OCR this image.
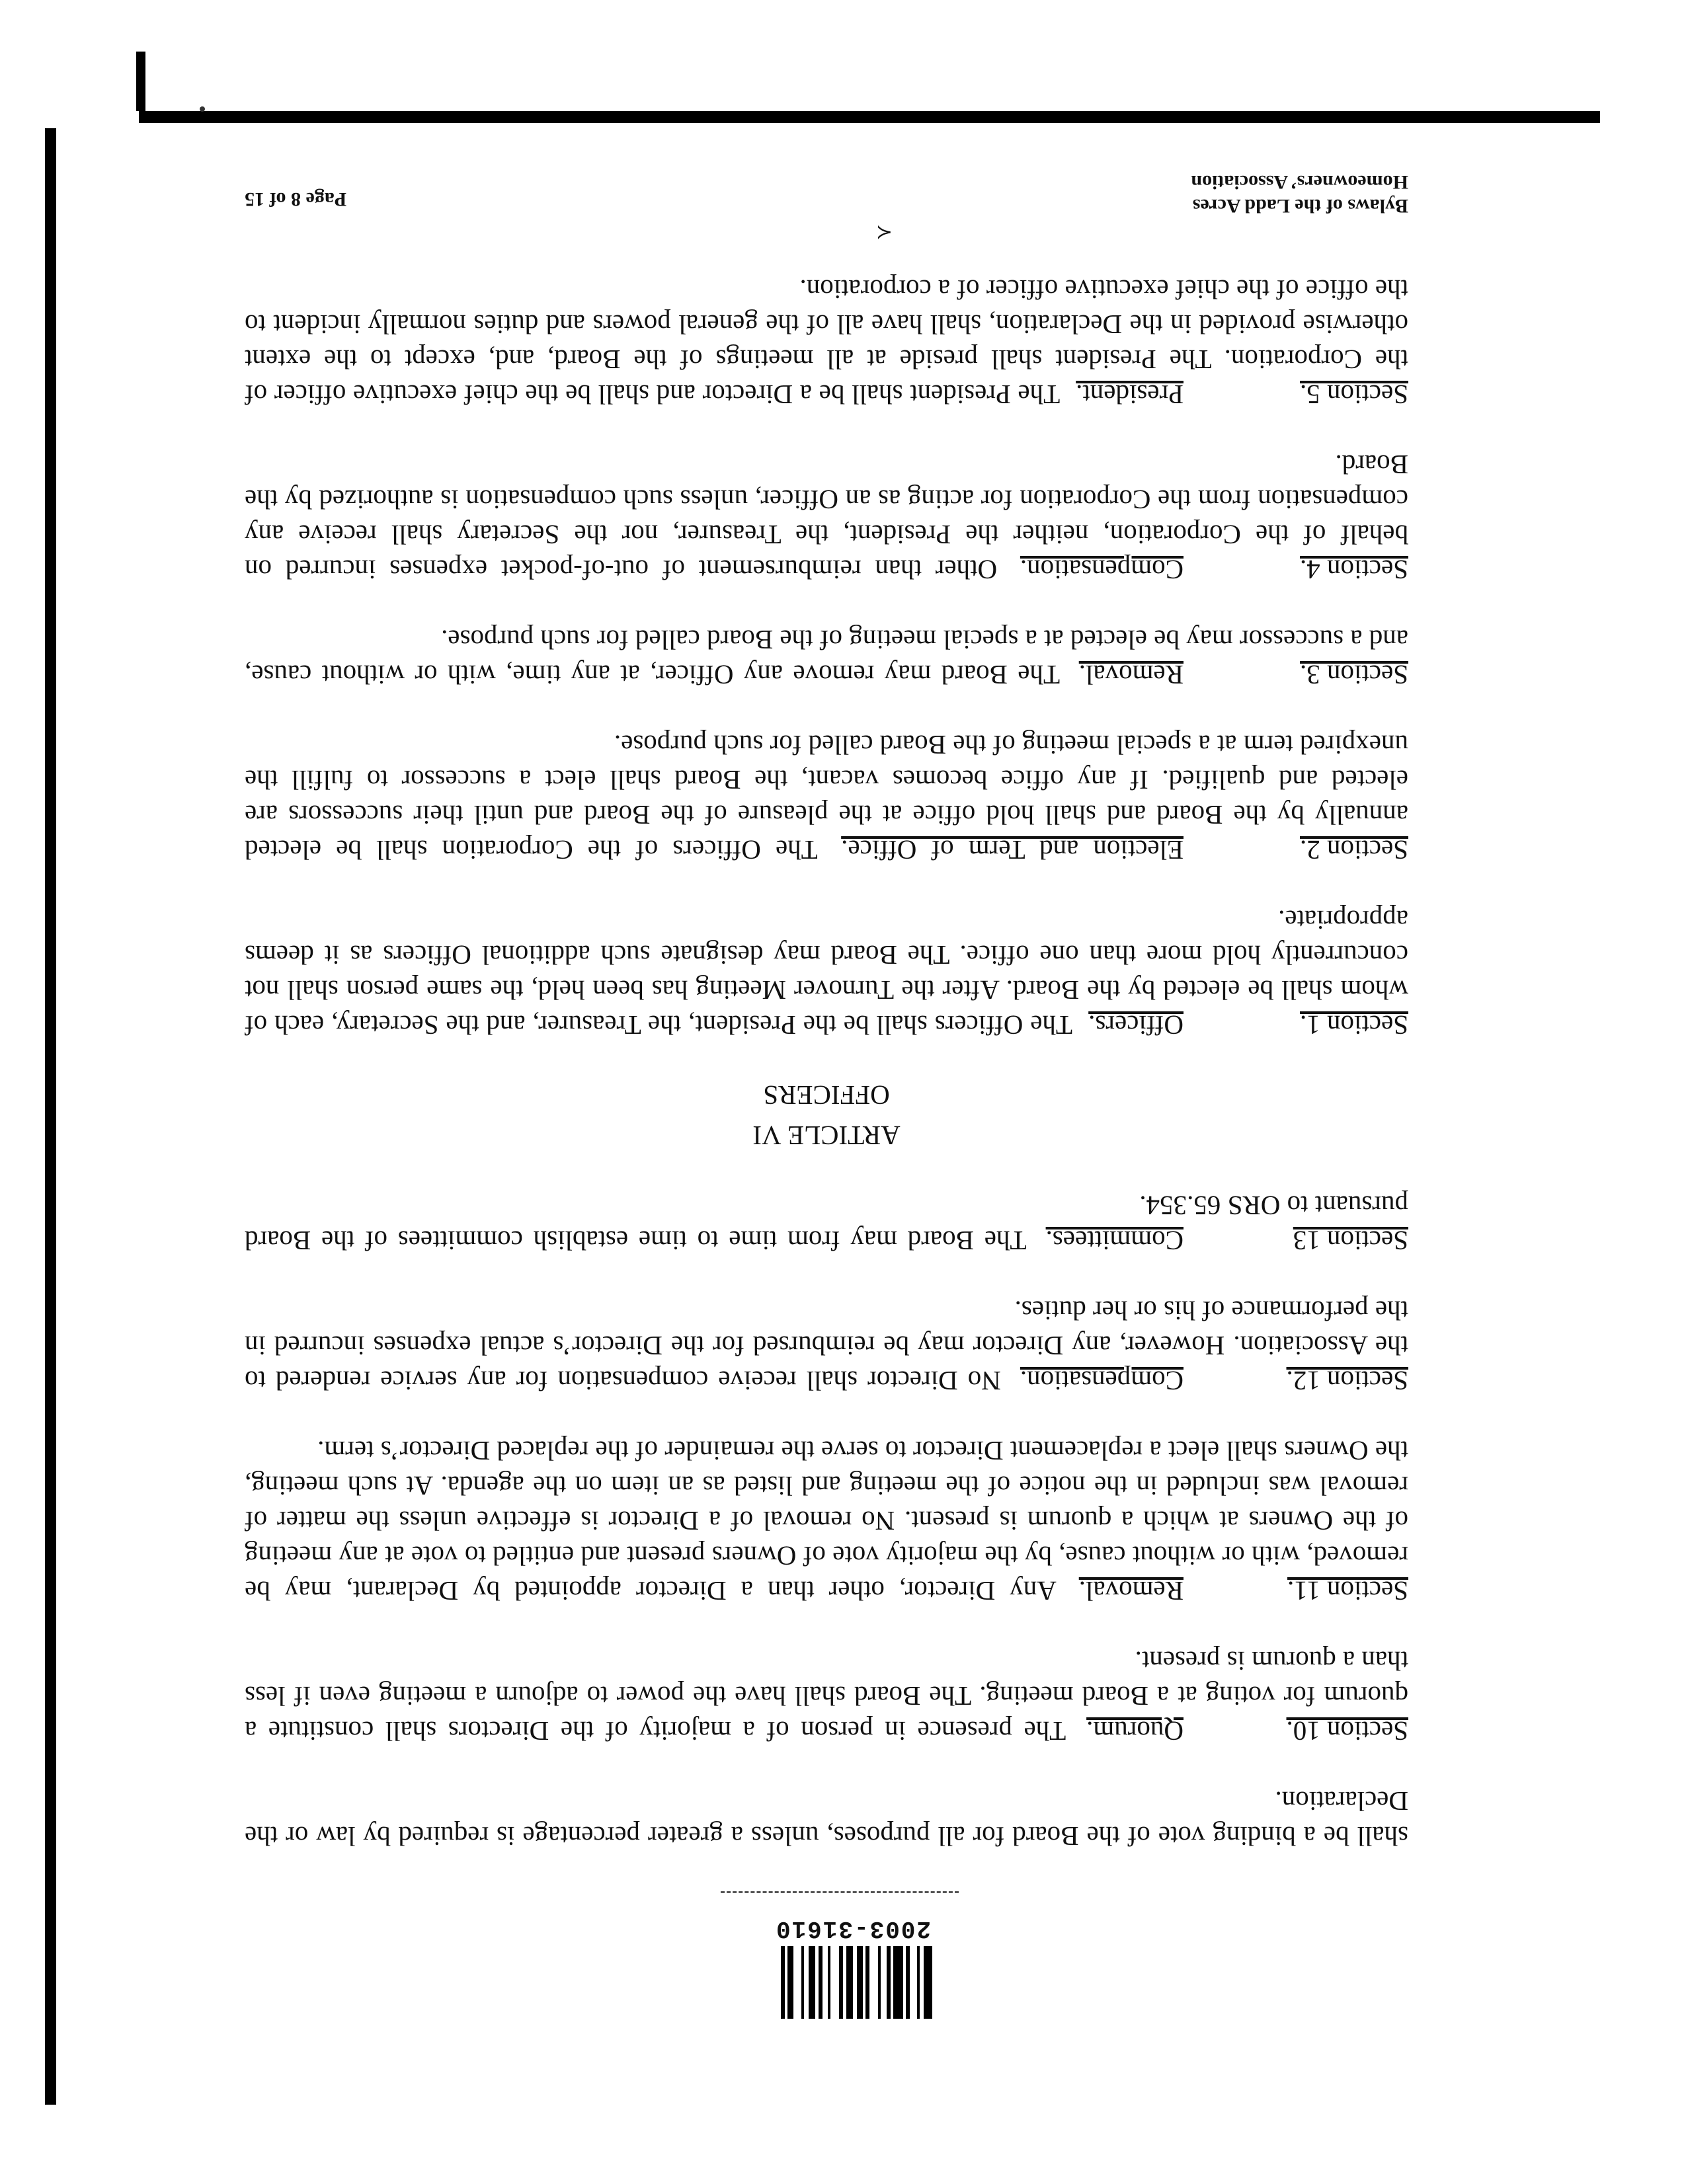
2003-31610

shall be a binding vote of the Board for all purposes, unless a greater percentage is required by law or the Declaration.

Section 10.Quorum. The presence in person of a majority of the Directors shall constitute a quorum for voting at a Board meeting. The Board shall have the power to adjourn a meeting even if less than a quorum is present.

Section 11.Removal. Any Director, other than a Director appointed by Declarant, may be removed, with or without cause, by the majority vote of Owners present and entitled to vote at any meeting of the Owners at which a quorum is present. No removal of a Director is effective unless the matter of removal was included in the notice of the meeting and listed as an item on the agenda. At such meeting, the Owners shall elect a replacement Director to serve the remainder of the replaced Director’s term.

Section 12.Compensation. No Director shall receive compensation for any service rendered to the Association. However, any Director may be reimbursed for the Director’s actual expenses incurred in the performance of his or her duties.

Section 13Committees. The Board may from time to time establish committees of the Board pursuant to ORS 65.354.

ARTICLE VI

OFFICERS

Section 1.Officers. The Officers shall be the President, the Treasurer, and the Secretary, each of whom shall be elected by the Board. After the Turnover Meeting has been held, the same person shall not concurrently hold more than one office. The Board may designate such additional Officers as it deems appropriate.

Section 2.Election and Term of Office. The Officers of the Corporation shall be elected annually by the Board and shall hold office at the pleasure of the Board and until their successors are elected and qualified. If any office becomes vacant, the Board shall elect a successor to fulfill the unexpired term at a special meeting of the Board called for such purpose.

Section 3.Removal. The Board may remove any Officer, at any time, with or without cause, and a successor may be elected at a special meeting of the Board called for such purpose.

Section 4.Compensation. Other than reimbursement of out-of-pocket expenses incurred on behalf of the Corporation, neither the President, the Treasurer, nor the Secretary shall receive any compensation from the Corporation for acting as an Officer, unless such compensation is authorized by the Board.

Section 5.President. The President shall be a Director and shall be the chief executive officer of the Corporation. The President shall preside at all meetings of the Board, and, except to the extent otherwise provided in the Declaration, shall have all of the general powers and duties normally incident to the office of the chief executive officer of a corporation.

≺
Bylaws of the Ladd Acres
Homeowners’ Association
Page 8 of 15
